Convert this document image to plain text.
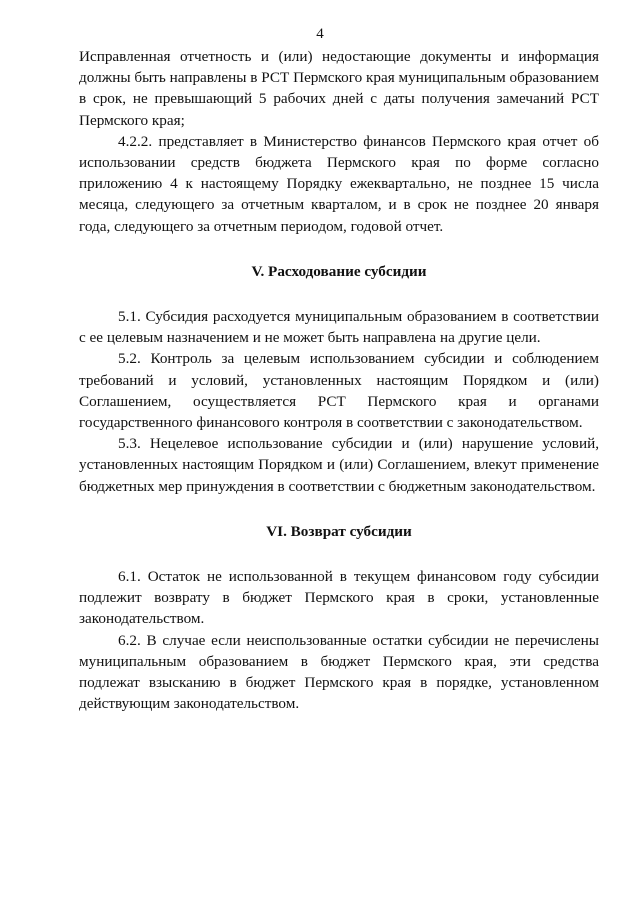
4

Исправленная отчетность и (или) недостающие документы и информация должны быть направлены в РСТ Пермского края муниципальным образованием в срок, не превышающий 5 рабочих дней с даты получения замечаний РСТ Пермского края;

4.2.2. представляет в Министерство финансов Пермского края отчет об использовании средств бюджета Пермского края по форме согласно приложению 4 к настоящему Порядку ежеквартально, не позднее 15 числа месяца, следующего за отчетным кварталом, и в срок не позднее 20 января года, следующего за отчетным периодом, годовой отчет.

V. Расходование субсидии

5.1. Субсидия расходуется муниципальным образованием в соответствии с ее целевым назначением и не может быть направлена на другие цели.

5.2. Контроль за целевым использованием субсидии и соблюдением требований и условий, установленных настоящим Порядком и (или) Соглашением, осуществляется РСТ Пермского края и органами государственного финансового контроля в соответствии с законодательством.

5.3. Нецелевое использование субсидии и (или) нарушение условий, установленных настоящим Порядком и (или) Соглашением, влекут применение бюджетных мер принуждения в соответствии с бюджетным законодательством.

VI. Возврат субсидии

6.1. Остаток не использованной в текущем финансовом году субсидии подлежит возврату в бюджет Пермского края в сроки, установленные законодательством.

6.2. В случае если неиспользованные остатки субсидии не перечислены муниципальным образованием в бюджет Пермского края, эти средства подлежат взысканию в бюджет Пермского края в порядке, установленном действующим законодательством.
